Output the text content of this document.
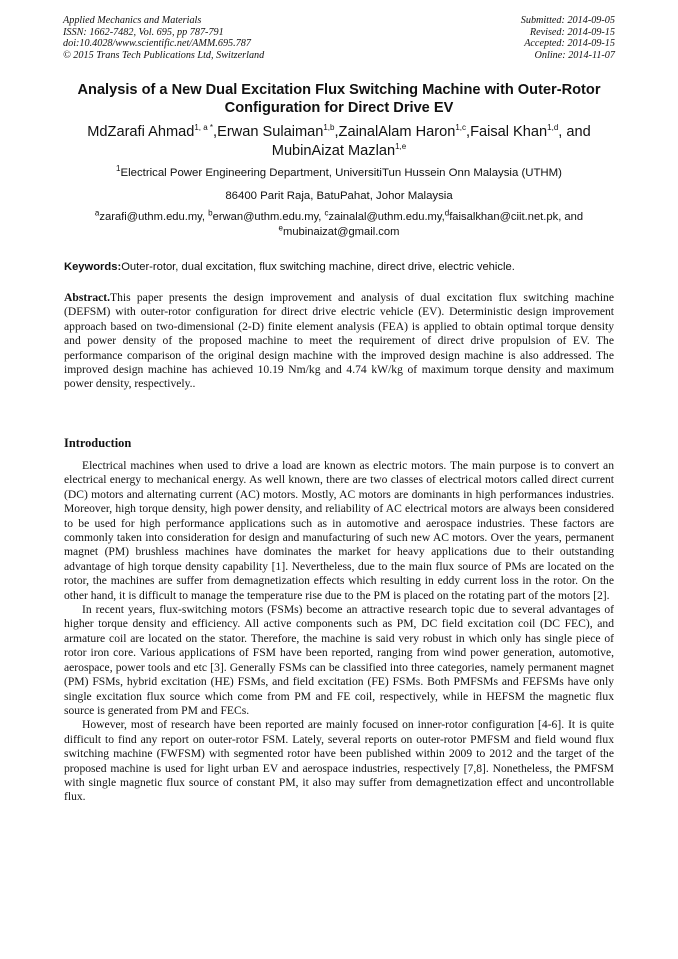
Applied Mechanics and Materials
ISSN: 1662-7482, Vol. 695, pp 787-791
doi:10.4028/www.scientific.net/AMM.695.787
© 2015 Trans Tech Publications Ltd, Switzerland
Submitted: 2014-09-05
Revised: 2014-09-15
Accepted: 2014-09-15
Online: 2014-11-07
Analysis of a New Dual Excitation Flux Switching Machine with Outer-Rotor Configuration for Direct Drive EV
MdZarafi Ahmad$^{1, a *}$,Erwan Sulaiman$^{1,b}$,ZainalAlam Haron$^{1,c}$,Faisal Khan$^{1,d}$, and MubinAizat Mazlan$^{1,e}$
$^1$Electrical Power Engineering Department, UniversitiTun Hussein Onn Malaysia (UTHM)
86400 Parit Raja, BatuPahat, Johor Malaysia
$^a$zarafi@uthm.edu.my, $^b$erwan@uthm.edu.my, $^c$zainalal@uthm.edu.my,$^d$faisalkhan@ciit.net.pk, and $^e$mubinaizat@gmail.com
Keywords:Outer-rotor, dual excitation, flux switching machine, direct drive, electric vehicle.
Abstract.This paper presents the design improvement and analysis of dual excitation flux switching machine (DEFSM) with outer-rotor configuration for direct drive electric vehicle (EV). Deterministic design improvement approach based on two-dimensional (2-D) finite element analysis (FEA) is applied to obtain optimal torque density and power density of the proposed machine to meet the requirement of direct drive propulsion of EV. The performance comparison of the original design machine with the improved design machine is also addressed. The improved design machine has achieved 10.19 Nm/kg and 4.74 kW/kg of maximum torque density and maximum power density, respectively..
Introduction

Electrical machines when used to drive a load are known as electric motors. The main purpose is to convert an electrical energy to mechanical energy. As well known, there are two classes of electrical motors called direct current (DC) motors and alternating current (AC) motors. Mostly, AC motors are dominants in high performances industries. Moreover, high torque density, high power density, and reliability of AC electrical motors are always been considered to be used for high performance applications such as in automotive and aerospace industries. These factors are commonly taken into consideration for design and manufacturing of such new AC motors. Over the years, permanent magnet (PM) brushless machines have dominates the market for heavy applications due to their outstanding advantage of high torque density capability [1]. Nevertheless, due to the main flux source of PMs are located on the rotor, the machines are suffer from demagnetization effects which resulting in eddy current loss in the rotor. On the other hand, it is difficult to manage the temperature rise due to the PM is placed on the rotating part of the motors [2].

In recent years, flux-switching motors (FSMs) become an attractive research topic due to several advantages of higher torque density and efficiency. All active components such as PM, DC field excitation coil (DC FEC), and armature coil are located on the stator. Therefore, the machine is said very robust in which only has single piece of rotor iron core. Various applications of FSM have been reported, ranging from wind power generation, automotive, aerospace, power tools and etc [3]. Generally FSMs can be classified into three categories, namely permanent magnet (PM) FSMs, hybrid excitation (HE) FSMs, and field excitation (FE) FSMs. Both PMFSMs and FEFSMs have only single excitation flux source which come from PM and FE coil, respectively, while in HEFSM the magnetic flux source is generated from PM and FECs.

However, most of research have been reported are mainly focused on inner-rotor configuration [4-6]. It is quite difficult to find any report on outer-rotor FSM. Lately, several reports on outer-rotor PMFSM and field wound flux switching machine (FWFSM) with segmented rotor have been published within 2009 to 2012 and the target of the proposed machine is used for light urban EV and aerospace industries, respectively [7,8]. Nonetheless, the PMFSM with single magnetic flux source of constant PM, it also may suffer from demagnetization effect and uncontrollable flux.
